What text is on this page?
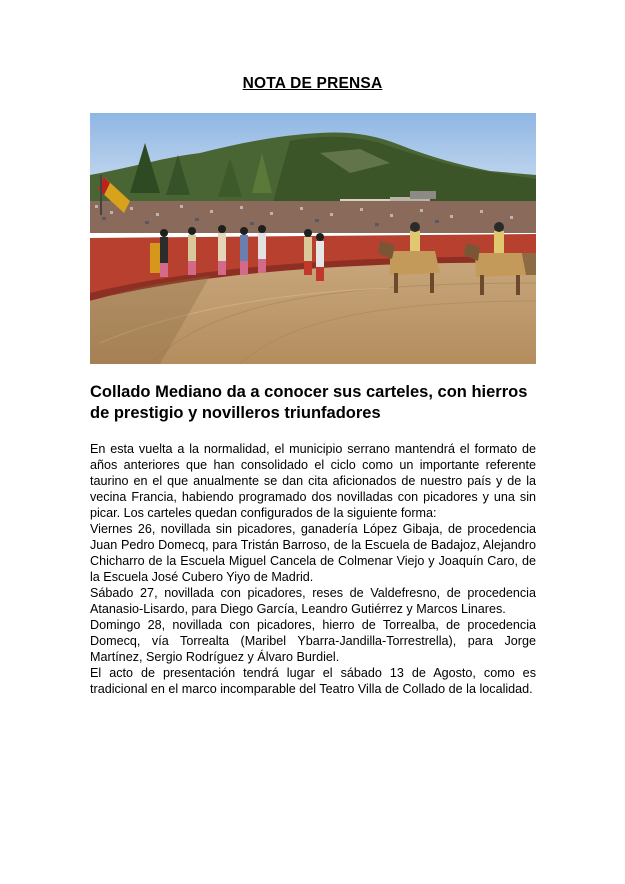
NOTA DE PRENSA
Collado Mediano da a conocer sus carteles, con hierros de prestigio y novilleros triunfadores

En esta vuelta a la normalidad, el municipio serrano mantendrá el formato de años anteriores que han consolidado el ciclo como un importante referente taurino en el que anualmente se dan cita aficionados de nuestro país y de la vecina Francia, habiendo programado dos novilladas con picadores y una sin picar. Los carteles quedan configurados de la siguiente forma:

Viernes 26, novillada sin picadores, ganadería López Gibaja, de procedencia Juan Pedro Domecq, para Tristán Barroso, de la Escuela de Badajoz, Alejandro Chicharro de la Escuela Miguel Cancela de Colmenar Viejo y Joaquín Caro, de la Escuela José Cubero Yiyo de Madrid.

Sábado 27, novillada con picadores, reses de Valdefresno, de procedencia Atanasio-Lisardo, para Diego García, Leandro Gutiérrez y Marcos Linares.

Domingo 28, novillada con picadores, hierro de Torrealba, de procedencia Domecq, vía Torrealta (Maribel Ybarra-Jandilla-Torrestrella), para Jorge Martínez, Sergio Rodríguez y Álvaro Burdiel.

El acto de presentación tendrá lugar el sábado 13 de Agosto, como es tradicional en el marco incomparable del Teatro Villa de Collado de la localidad.
